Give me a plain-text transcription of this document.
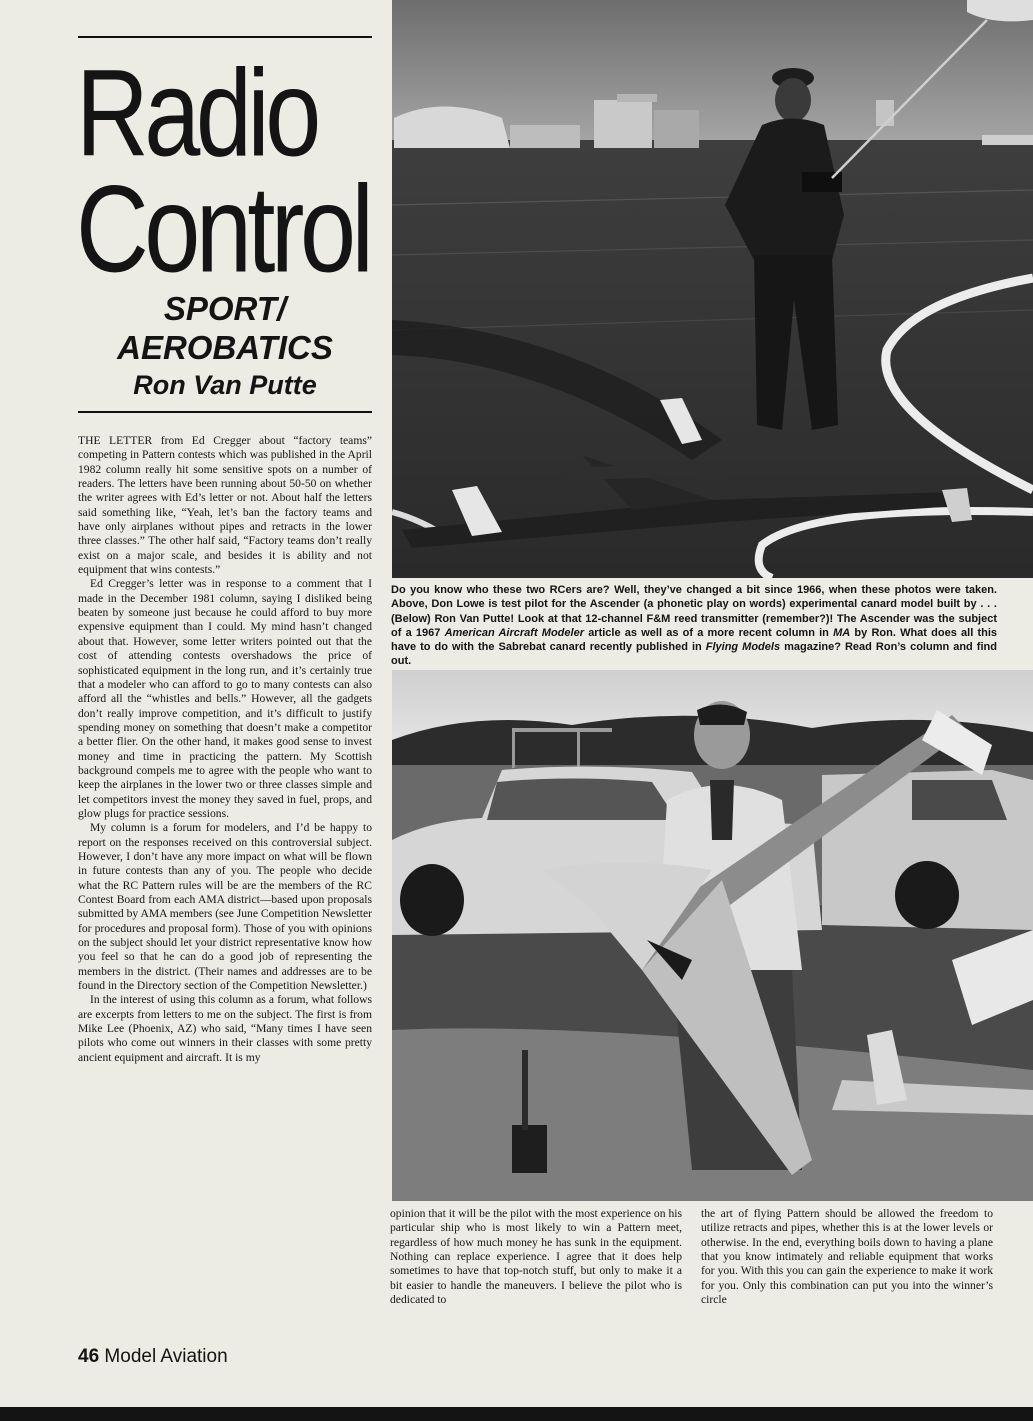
Radio
Control
SPORT/
AEROBATICS
Ron Van Putte

THE LETTER from Ed Cregger about “factory teams” competing in Pattern contests which was published in the April 1982 column really hit some sensitive spots on a number of readers. The letters have been running about 50-50 on whether the writer agrees with Ed’s letter or not. About half the letters said something like, “Yeah, let’s ban the factory teams and have only airplanes without pipes and retracts in the lower three classes.” The other half said, “Factory teams don’t really exist on a major scale, and besides it is ability and not equipment that wins contests.”

Ed Cregger’s letter was in response to a comment that I made in the December 1981 column, saying I disliked being beaten by someone just because he could afford to buy more expensive equipment than I could. My mind hasn’t changed about that. However, some letter writers pointed out that the cost of attending contests overshadows the price of sophisticated equipment in the long run, and it’s certainly true that a modeler who can afford to go to many contests can also afford all the “whistles and bells.” However, all the gadgets don’t really improve competition, and it’s difficult to justify spending money on something that doesn’t make a competitor a better flier. On the other hand, it makes good sense to invest money and time in practicing the pattern. My Scottish background compels me to agree with the people who want to keep the airplanes in the lower two or three classes simple and let competitors invest the money they saved in fuel, props, and glow plugs for practice sessions.

My column is a forum for modelers, and I’d be happy to report on the responses received on this controversial subject. However, I don’t have any more impact on what will be flown in future contests than any of you. The people who decide what the RC Pattern rules will be are the members of the RC Contest Board from each AMA district—based upon proposals submitted by AMA members (see June Competition Newsletter for procedures and proposal form). Those of you with opinions on the subject should let your district representative know how you feel so that he can do a good job of representing the members in the district. (Their names and addresses are to be found in the Directory section of the Competition Newsletter.)

In the interest of using this column as a forum, what follows are excerpts from letters to me on the subject. The first is from Mike Lee (Phoenix, AZ) who said, “Many times I have seen pilots who come out winners in their classes with some pretty ancient equipment and aircraft. It is my

Do you know who these two RCers are? Well, they’ve changed a bit since 1966, when these photos were taken. Above, Don Lowe is test pilot for the Ascender (a phonetic play on words) experimental canard model built by . . . (Below) Ron Van Putte! Look at that 12-channel F&M reed transmitter (remember?)! The Ascender was the subject of a 1967 American Aircraft Modeler article as well as of a more recent column in MA by Ron. What does all this have to do with the Sabrebat canard recently published in Flying Models magazine? Read Ron’s column and find out.

opinion that it will be the pilot with the most experience on his particular ship who is most likely to win a Pattern meet, regardless of how much money he has sunk in the equipment. Nothing can replace experience. I agree that it does help sometimes to have that top-notch stuff, but only to make it a bit easier to handle the maneuvers. I believe the pilot who is dedicated to

the art of flying Pattern should be allowed the freedom to utilize retracts and pipes, whether this is at the lower levels or otherwise. In the end, everything boils down to having a plane that you know intimately and reliable equipment that works for you. With this you can gain the experience to make it work for you. Only this combination can put you into the winner’s circle

46 Model Aviation
